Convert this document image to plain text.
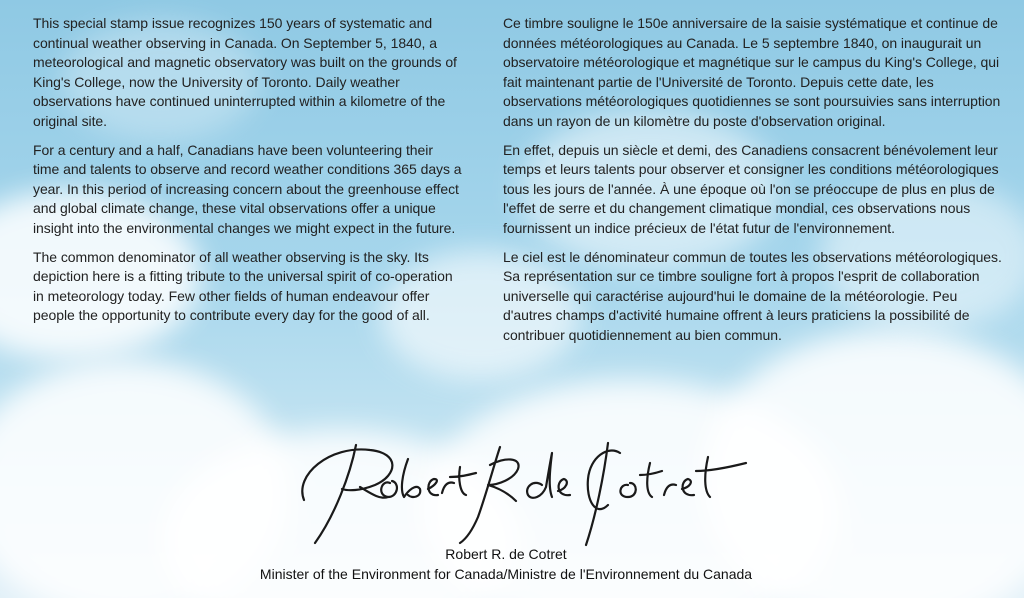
This special stamp issue recognizes 150 years of systematic and continual weather observing in Canada. On September 5, 1840, a meteorological and magnetic observatory was built on the grounds of King's College, now the University of Toronto. Daily weather observations have continued uninterrupted within a kilometre of the original site.

For a century and a half, Canadians have been volunteering their time and talents to observe and record weather conditions 365 days a year. In this period of increasing concern about the greenhouse effect and global climate change, these vital observations offer a unique insight into the environmental changes we might expect in the future.

The common denominator of all weather observing is the sky. Its depiction here is a fitting tribute to the universal spirit of co-operation in meteorology today. Few other fields of human endeavour offer people the opportunity to contribute every day for the good of all.

Ce timbre souligne le 150e anniversaire de la saisie systématique et continue de données météorologiques au Canada. Le 5 septembre 1840, on inaugurait un observatoire météorologique et magnétique sur le campus du King's College, qui fait maintenant partie de l'Université de Toronto. Depuis cette date, les observations météorologiques quotidiennes se sont poursuivies sans interruption dans un rayon de un kilomètre du poste d'observation original.

En effet, depuis un siècle et demi, des Canadiens consacrent bénévolement leur temps et leurs talents pour observer et consigner les conditions météorologiques tous les jours de l'année. À une époque où l'on se préoccupe de plus en plus de l'effet de serre et du changement climatique mondial, ces observations nous fournissent un indice précieux de l'état futur de l'environnement.

Le ciel est le dénominateur commun de toutes les observations météorologiques. Sa représentation sur ce timbre souligne fort à propos l'esprit de collaboration universelle qui caractérise aujourd'hui le domaine de la météorologie. Peu d'autres champs d'activité humaine offrent à leurs praticiens la possibilité de contribuer quotidiennement au bien commun.

Robert R. de Cotret
Minister of the Environment for Canada/Ministre de l'Environnement du Canada
